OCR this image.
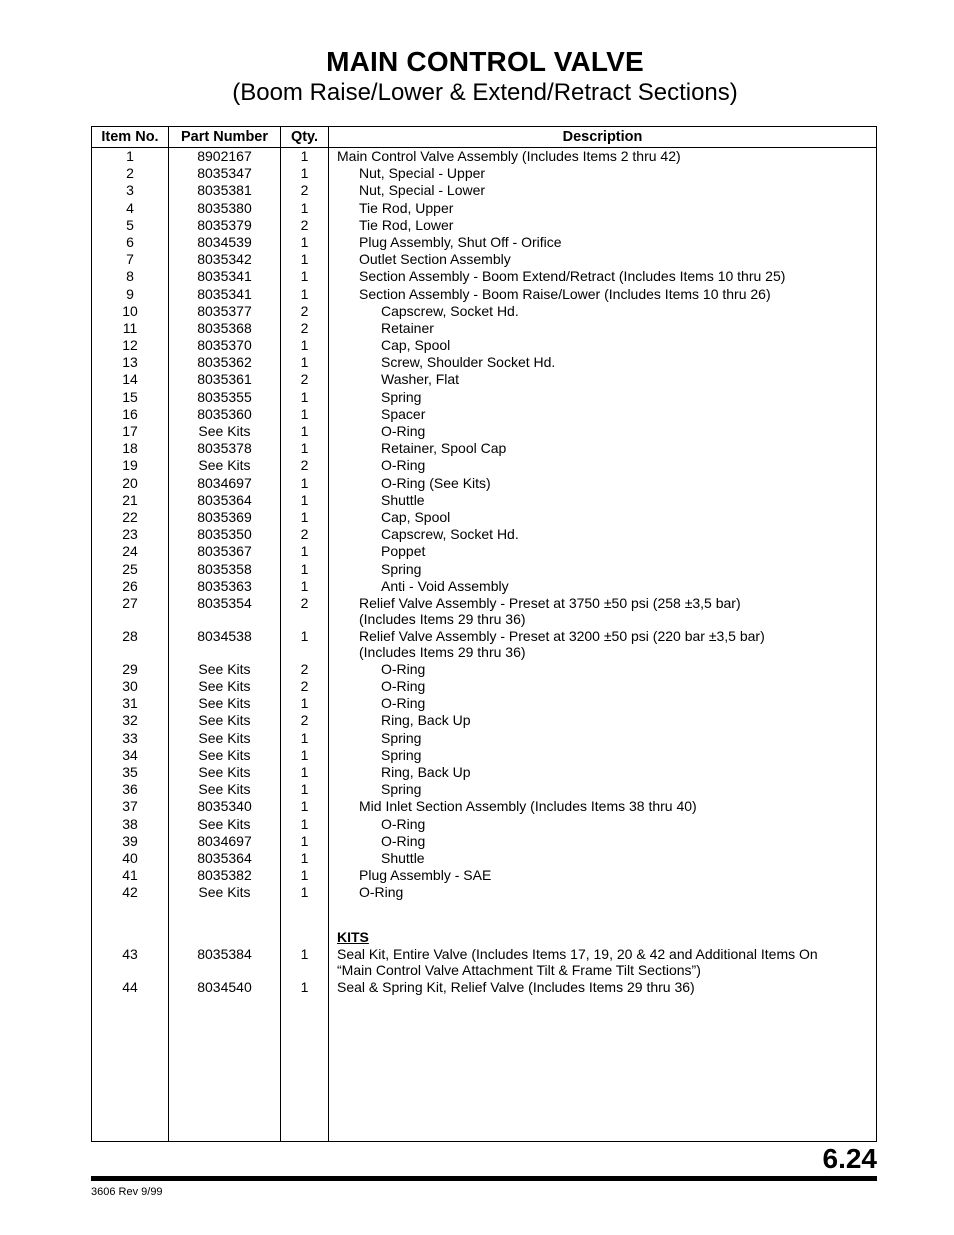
MAIN CONTROL VALVE
(Boom Raise/Lower & Extend/Retract Sections)
Item No.	Part Number	Qty.	Description
1	8902167	1	Main Control Valve Assembly (Includes Items 2 thru 42)
2	8035347	1	Nut, Special - Upper
3	8035381	2	Nut, Special - Lower
4	8035380	1	Tie Rod, Upper
5	8035379	2	Tie Rod, Lower
6	8034539	1	Plug Assembly, Shut Off - Orifice
7	8035342	1	Outlet Section Assembly
8	8035341	1	Section Assembly - Boom Extend/Retract (Includes Items 10 thru 25)
9	8035341	1	Section Assembly - Boom Raise/Lower (Includes Items 10 thru 26)
10	8035377	2	Capscrew, Socket Hd.
11	8035368	2	Retainer
12	8035370	1	Cap, Spool
13	8035362	1	Screw, Shoulder Socket Hd.
14	8035361	2	Washer, Flat
15	8035355	1	Spring
16	8035360	1	Spacer
17	See Kits	1	O-Ring
18	8035378	1	Retainer, Spool Cap
19	See Kits	2	O-Ring
20	8034697	1	O-Ring (See Kits)
21	8035364	1	Shuttle
22	8035369	1	Cap, Spool
23	8035350	2	Capscrew, Socket Hd.
24	8035367	1	Poppet
25	8035358	1	Spring
26	8035363	1	Anti - Void Assembly
27	8035354	2	Relief Valve Assembly - Preset at 3750 ±50 psi (258 ±3,5 bar)
(Includes Items 29 thru 36)
28	8034538	1	Relief Valve Assembly - Preset at 3200 ±50 psi (220 bar ±3,5 bar)
(Includes Items 29 thru 36)
29	See Kits	2	O-Ring
30	See Kits	2	O-Ring
31	See Kits	1	O-Ring
32	See Kits	2	Ring, Back Up
33	See Kits	1	Spring
34	See Kits	1	Spring
35	See Kits	1	Ring, Back Up
36	See Kits	1	Spring
37	8035340	1	Mid Inlet Section Assembly (Includes Items 38 thru 40)
38	See Kits	1	O-Ring
39	8034697	1	O-Ring
40	8035364	1	Shuttle
41	8035382	1	Plug Assembly - SAE
42	See Kits	1	O-Ring
KITS
43	8035384	1	Seal Kit, Entire Valve (Includes Items 17, 19, 20 & 42 and Additional Items On
“Main Control Valve Attachment Tilt & Frame Tilt Sections”)
44	8034540	1	Seal & Spring Kit, Relief Valve (Includes Items 29 thru 36)
6.24
3606 Rev 9/99
